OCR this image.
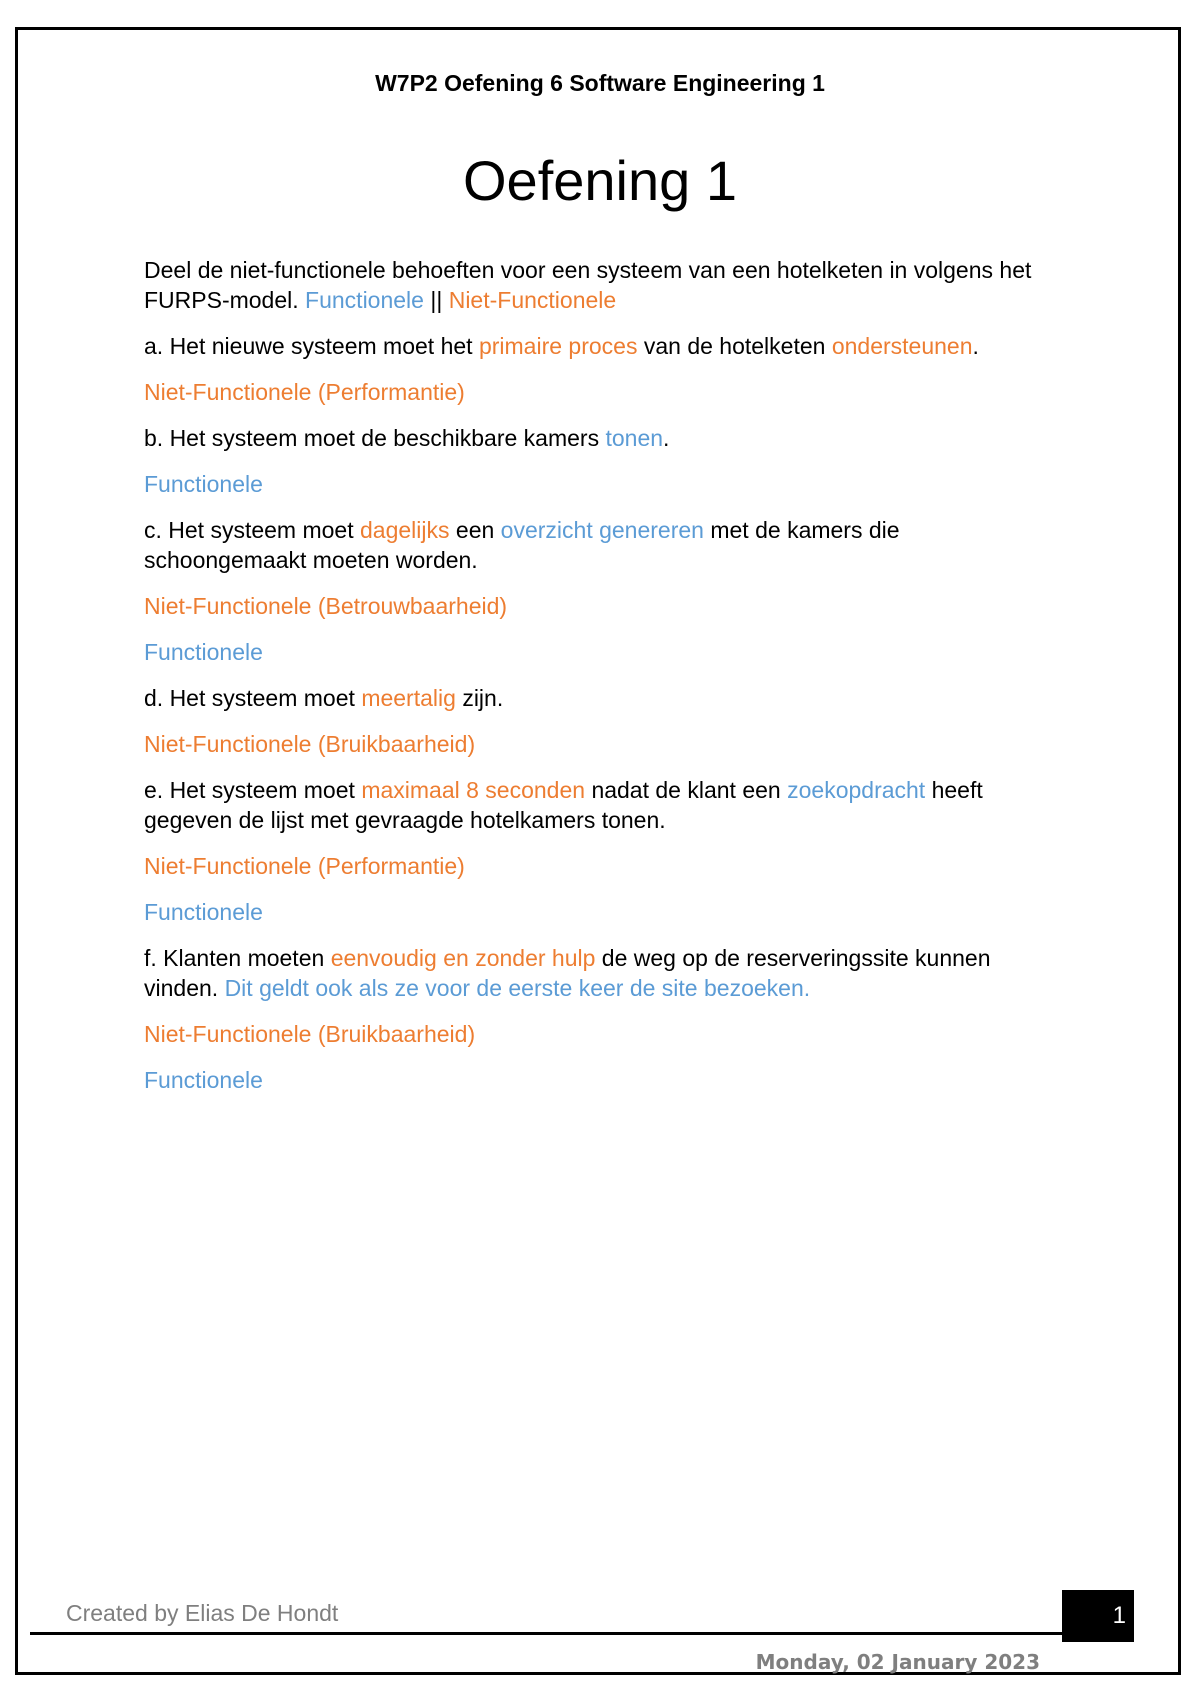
W7P2 Oefening 6 Software Engineering 1
Oefening 1

Deel de niet-functionele behoeften voor een systeem van een hotelketen in volgens het FURPS-model. Functionele || Niet-Functionele

a. Het nieuwe systeem moet het primaire proces van de hotelketen ondersteunen.

Niet-Functionele (Performantie)

b. Het systeem moet de beschikbare kamers tonen.

Functionele

c. Het systeem moet dagelijks een overzicht genereren met de kamers die schoongemaakt moeten worden.

Niet-Functionele (Betrouwbaarheid)

Functionele

d. Het systeem moet meertalig zijn.

Niet-Functionele (Bruikbaarheid)

e. Het systeem moet maximaal 8 seconden nadat de klant een zoekopdracht heeft gegeven de lijst met gevraagde hotelkamers tonen.

Niet-Functionele (Performantie)

Functionele

f. Klanten moeten eenvoudig en zonder hulp de weg op de reserveringssite kunnen vinden. Dit geldt ook als ze voor de eerste keer de site bezoeken.

Niet-Functionele (Bruikbaarheid)

Functionele

Created by Elias De Hondt	1
Monday, 02 January 2023
